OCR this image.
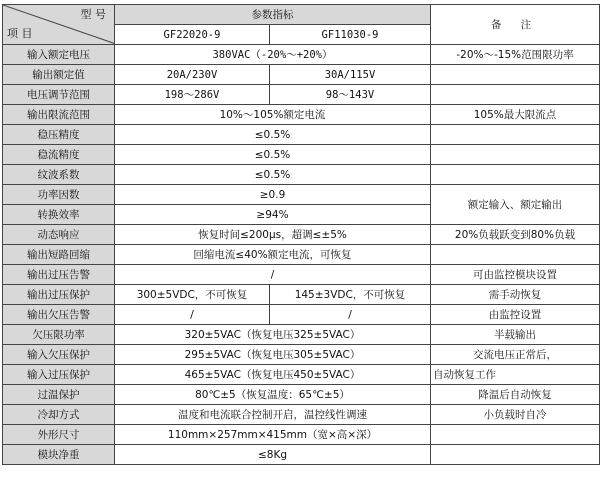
型 号
项 目	参数指标		备 注
	GF22020-9	GF11030-9	
输入额定电压	380VAC（-20%～+20%）		-20%～-15%范围限功率
输出额定值	20A/230V	30A/115V	
电压调节范围	198～286V	98～143V	
输出限流范围	10%～105%额定电流		105%最大限流点
稳压精度	≤0.5%		
稳流精度	≤0.5%		
纹波系数	≤0.5%		
功率因数	≥0.9		额定输入、额定输出
转换效率	≥94%		
动态响应	恢复时间≤200μs，超调≤±5%		20%负载跃变到80%负载
输出短路回缩	回缩电流≤40%额定电流，可恢复		
输出过压告警	/		可由监控模块设置
输出过压保护	300±5VDC，不可恢复	145±3VDC，不可恢复	需手动恢复
输出欠压告警	/	/	由监控设置
欠压限功率	320±5VAC（恢复电压325±5VAC）		半载输出
输入欠压保护	295±5VAC（恢复电压305±5VAC）		交流电压正常后，
输入过压保护	465±5VAC（恢复电压450±5VAC）		自动恢复工作
过温保护	80℃±5（恢复温度：65℃±5）		降温后自动恢复
冷却方式	温度和电流联合控制开启，温控线性调速		小负载时自冷
外形尺寸	110mm×257mm×415mm（宽×高×深）		
模块净重	≤8Kg		
